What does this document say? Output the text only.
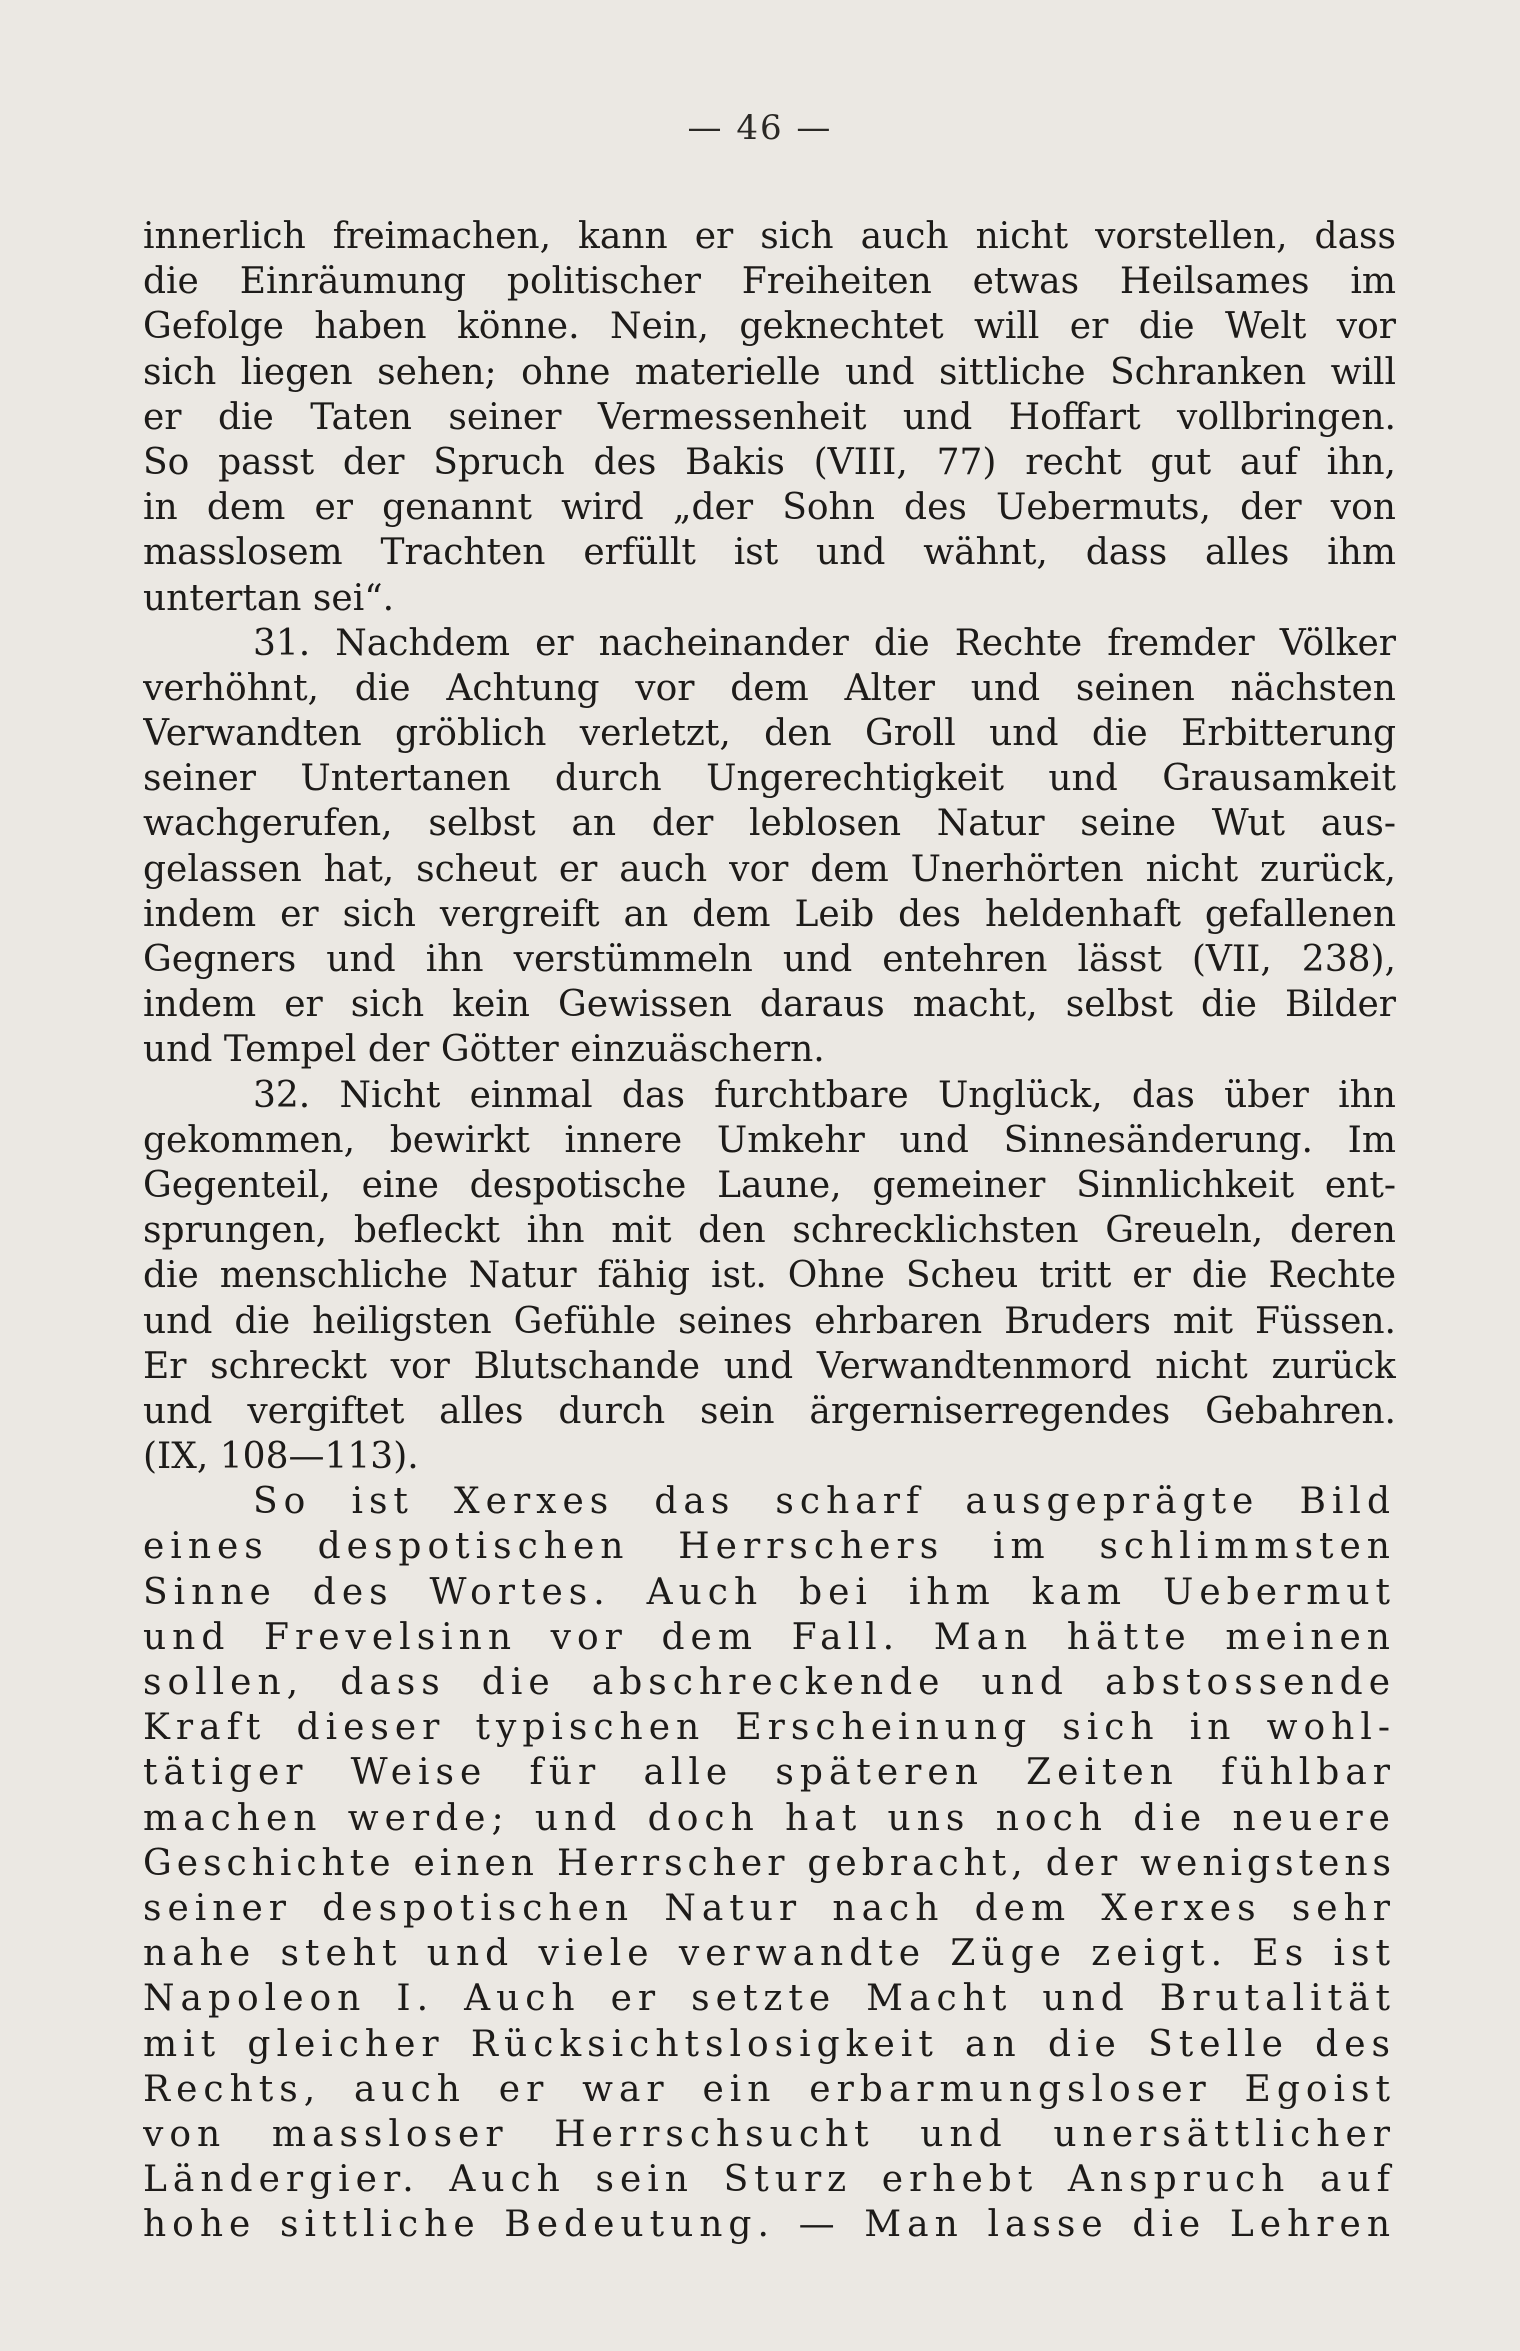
— 46 —
innerlich freimachen, kann er sich auch nicht vorstellen, dass
die Einräumung politischer Freiheiten etwas Heilsames im
Gefolge haben könne. Nein, geknechtet will er die Welt vor
sich liegen sehen; ohne materielle und sittliche Schranken will
er die Taten seiner Vermessenheit und Hoffart vollbringen.
So passt der Spruch des Bakis (VIII, 77) recht gut auf ihn,
in dem er genannt wird „der Sohn des Uebermuts, der von
masslosem Trachten erfüllt ist und wähnt, dass alles ihm
untertan sei“.
31. Nachdem er nacheinander die Rechte fremder Völker
verhöhnt, die Achtung vor dem Alter und seinen nächsten
Verwandten gröblich verletzt, den Groll und die Erbitterung
seiner Untertanen durch Ungerechtigkeit und Grausamkeit
wachgerufen, selbst an der leblosen Natur seine Wut aus-
gelassen hat, scheut er auch vor dem Unerhörten nicht zurück,
indem er sich vergreift an dem Leib des heldenhaft gefallenen
Gegners und ihn verstümmeln und entehren lässt (VII, 238),
indem er sich kein Gewissen daraus macht, selbst die Bilder
und Tempel der Götter einzuäschern.
32. Nicht einmal das furchtbare Unglück, das über ihn
gekommen, bewirkt innere Umkehr und Sinnesänderung. Im
Gegenteil, eine despotische Laune, gemeiner Sinnlichkeit ent-
sprungen, befleckt ihn mit den schrecklichsten Greueln, deren
die menschliche Natur fähig ist. Ohne Scheu tritt er die Rechte
und die heiligsten Gefühle seines ehrbaren Bruders mit Füssen.
Er schreckt vor Blutschande und Verwandtenmord nicht zurück
und vergiftet alles durch sein ärgerniserregendes Gebahren.
(IX, 108—113).
So ist Xerxes das scharf ausgeprägte Bild
eines despotischen Herrschers im schlimmsten
Sinne des Wortes. Auch bei ihm kam Uebermut
und Frevelsinn vor dem Fall. Man hätte meinen
sollen, dass die abschreckende und abstossende
Kraft dieser typischen Erscheinung sich in wohl-
tätiger Weise für alle späteren Zeiten fühlbar
machen werde; und doch hat uns noch die neuere
Geschichte einen Herrscher gebracht, der wenigstens
seiner despotischen Natur nach dem Xerxes sehr
nahe steht und viele verwandte Züge zeigt. Es ist
Napoleon I. Auch er setzte Macht und Brutalität
mit gleicher Rücksichtslosigkeit an die Stelle des
Rechts, auch er war ein erbarmungsloser Egoist
von massloser Herrschsucht und unersättlicher
Ländergier. Auch sein Sturz erhebt Anspruch auf
hohe sittliche Bedeutung. — Man lasse die Lehren
